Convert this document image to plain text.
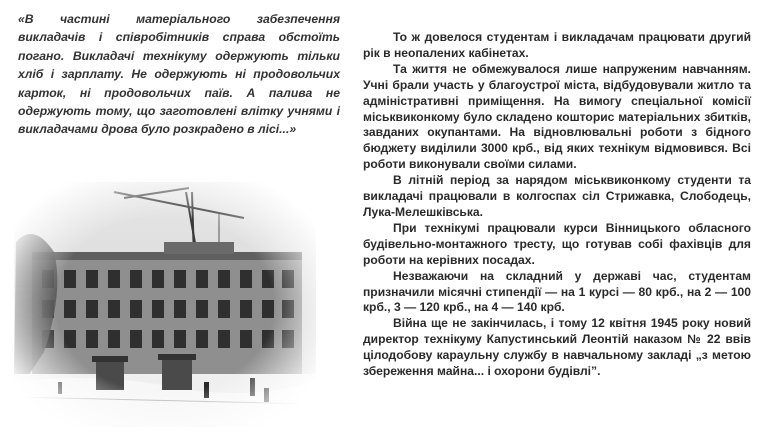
«В частині матеріального забезпечення викладачів і співробітників справа обстоїть погано. Викладачі технікуму одержують тільки хліб і зарплату. Не одержують ні продовольчих карток, ні продовольчих паїв. А палива не одержують тому, що заготовлені влітку учнями і викладачами дрова було розкрадено в лісі...»

То ж довелося студентам і викладачам працювати другий рік в неопалених кабінетах.

Та життя не обмежувалося лише напруженим навчанням. Учні брали участь у благоустрої міста, відбудовували житло та адміністративні приміщення. На вимогу спеціальної комісії міськвиконкому було складено кошторис матеріальних збитків, завданих окупантами. На відновлювальні роботи з бідного бюджету виділили 3000 крб., від яких технікум відмовився. Всі роботи виконували своїми силами.

В літній період за нарядом міськвиконкому студенти та викладачі працювали в колгоспах сіл Стрижавка, Слободець, Лука-Мелешківська.

При технікумі працювали курси Вінницького обласного будівельно-монтажного тресту, що готував собі фахівців для роботи на керівних посадах.

Незважаючи на складний у державі час, студентам призначили місячні стипендії — на 1 курсі — 80 крб., на 2 — 100 крб., 3 — 120 крб., на 4 — 140 крб.

Війна ще не закінчилась, і тому 12 квітня 1945 року новий директор технікуму Капустинський Леонтій наказом № 22 ввів цілодобову караульну службу в навчальному закладі „з метою збереження майна... і охорони будівлі”.
